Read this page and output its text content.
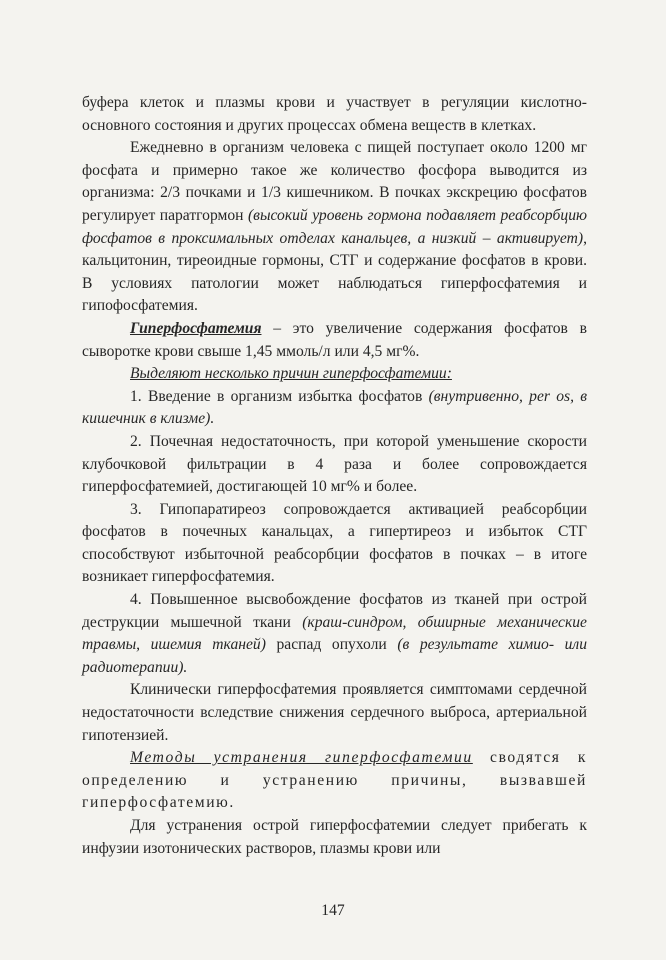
буфера клеток и плазмы крови и участвует в регуляции кислотно-основного состояния и других процессах обмена веществ в клетках.

Ежедневно в организм человека с пищей поступает около 1200 мг фосфата и примерно такое же количество фосфора выводится из организма: 2/3 почками и 1/3 кишечником. В почках экскрецию фосфатов регулирует паратгормон (высокий уровень гормона подавляет реабсорбцию фосфатов в проксимальных отделах канальцев, а низкий – активирует), кальцитонин, тиреоидные гормоны, СТГ и содержание фосфатов в крови. В условиях патологии может наблюдаться гиперфосфатемия и гипофосфатемия.

Гиперфосфатемия – это увеличение содержания фосфатов в сыворотке крови свыше 1,45 ммоль/л или 4,5 мг%.

Выделяют несколько причин гиперфосфатемии:

1. Введение в организм избытка фосфатов (внутривенно, per os, в кишечник в клизме).

2. Почечная недостаточность, при которой уменьшение скорости клубочковой фильтрации в 4 раза и более сопровождается гиперфосфатемией, достигающей 10 мг% и более.

3. Гипопаратиреоз сопровождается активацией реабсорбции фосфатов в почечных канальцах, а гипертиреоз и избыток СТГ способствуют избыточной реабсорбции фосфатов в почках – в итоге возникает гиперфосфатемия.

4. Повышенное высвобождение фосфатов из тканей при острой деструкции мышечной ткани (краш-синдром, обширные механические травмы, ишемия тканей) распад опухоли (в результате химио- или радиотерапии).

Клинически гиперфосфатемия проявляется симптомами сердечной недостаточности вследствие снижения сердечного выброса, артериальной гипотензией.

Методы устранения гиперфосфатемии сводятся к определению и устранению причины, вызвавшей гиперфосфатемию.

Для устранения острой гиперфосфатемии следует прибегать к инфузии изотонических растворов, плазмы крови или

147
